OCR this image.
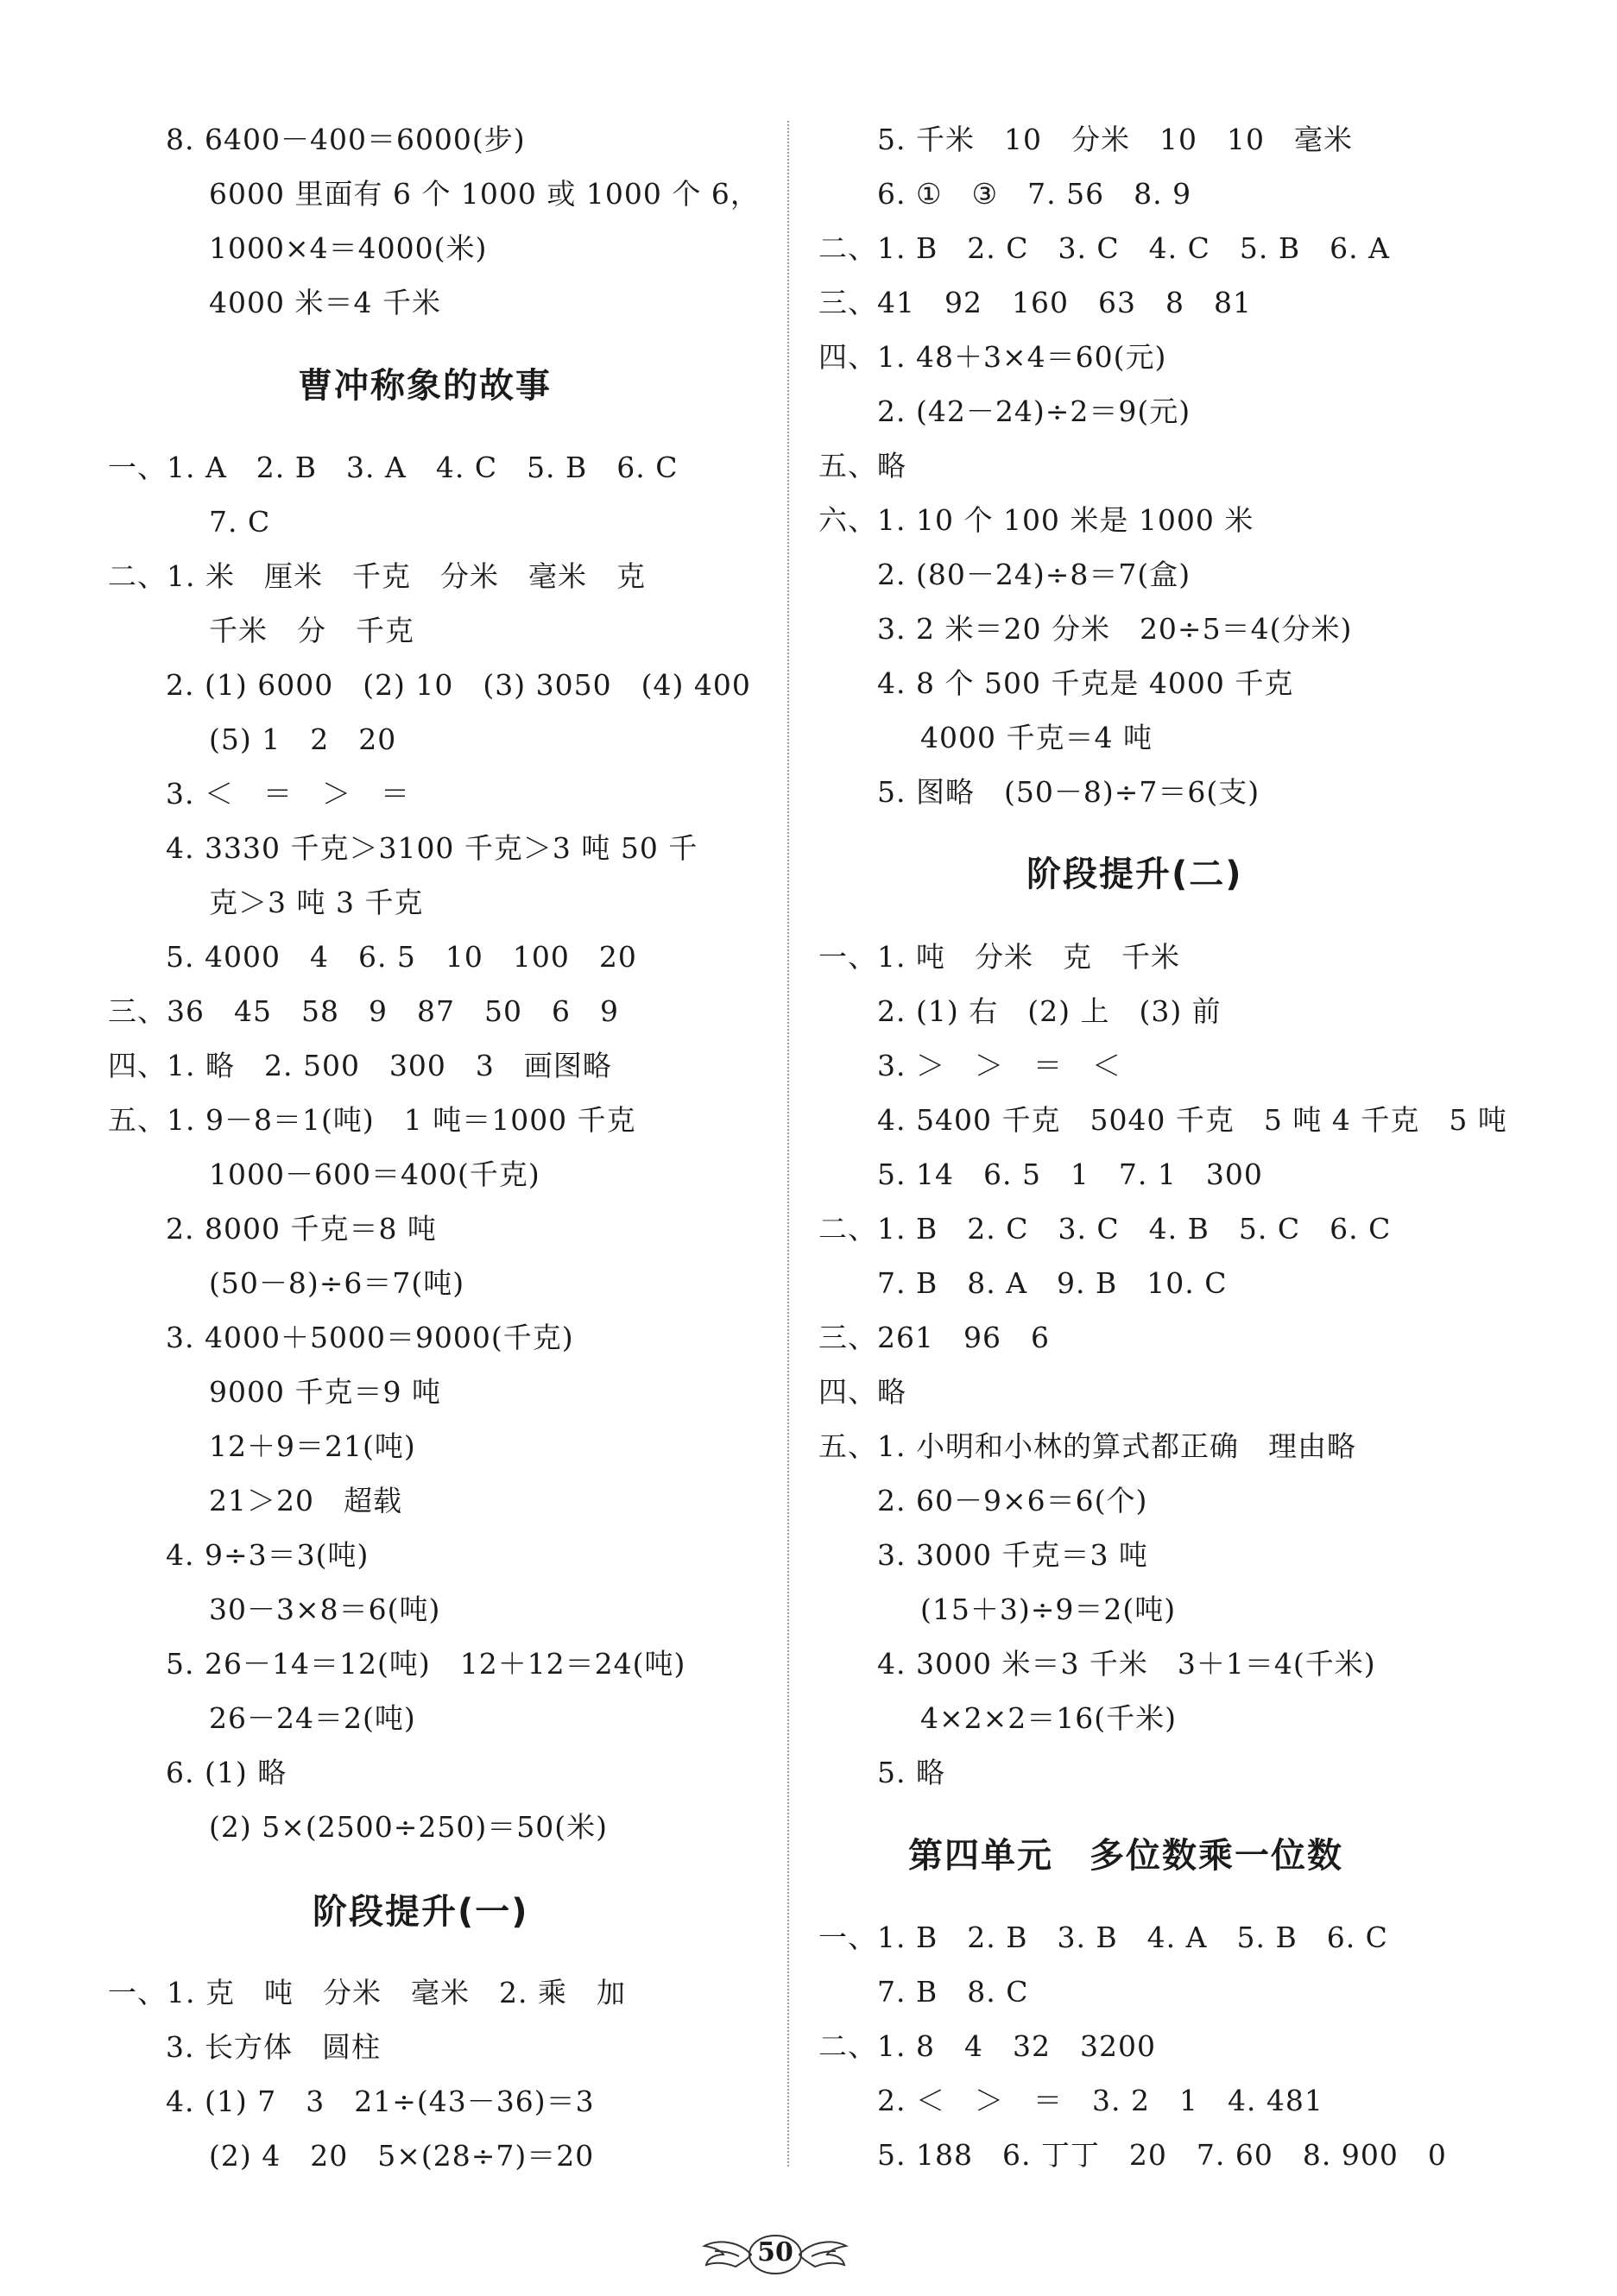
8. 6400－400＝6000(步)
6000 里面有 6 个 1000 或 1000 个 6，
1000×4＝4000(米)
4000 米＝4 千米
曹冲称象的故事
一、1. A　2. B　3. A　4. C　5. B　6. C
7. C
二、1. 米　厘米　千克　分米　毫米　克
千米　分　千克
2. (1) 6000　(2) 10　(3) 3050　(4) 400
(5) 1　2　20
3. ＜　＝　＞　＝
4. 3330 千克＞3100 千克＞3 吨 50 千
克＞3 吨 3 千克
5. 4000　4　6. 5　10　100　20
三、36　45　58　9　87　50　6　9
四、1. 略　2. 500　300　3　画图略
五、1. 9－8＝1(吨)　1 吨＝1000 千克
1000－600＝400(千克)
2. 8000 千克＝8 吨
(50－8)÷6＝7(吨)
3. 4000＋5000＝9000(千克)
9000 千克＝9 吨
12＋9＝21(吨)
21＞20　超载
4. 9÷3＝3(吨)
30－3×8＝6(吨)
5. 26－14＝12(吨)　12＋12＝24(吨)
26－24＝2(吨)
6. (1) 略
(2) 5×(2500÷250)＝50(米)
阶段提升(一)
一、1. 克　吨　分米　毫米　2. 乘　加
3. 长方体　圆柱
4. (1) 7　3　21÷(43－36)＝3
(2) 4　20　5×(28÷7)＝20
5. 千米　10　分米　10　10　毫米
6. ①　③　7. 56　8. 9
二、1. B　2. C　3. C　4. C　5. B　6. A
三、41　92　160　63　8　81
四、1. 48＋3×4＝60(元)
2. (42－24)÷2＝9(元)
五、略
六、1. 10 个 100 米是 1000 米
2. (80－24)÷8＝7(盒)
3. 2 米＝20 分米　20÷5＝4(分米)
4. 8 个 500 千克是 4000 千克
4000 千克＝4 吨
5. 图略　(50－8)÷7＝6(支)
阶段提升(二)
一、1. 吨　分米　克　千米
2. (1) 右　(2) 上　(3) 前
3. ＞　＞　＝　＜
4. 5400 千克　5040 千克　5 吨 4 千克　5 吨
5. 14　6. 5　1　7. 1　300
二、1. B　2. C　3. C　4. B　5. C　6. C
7. B　8. A　9. B　10. C
三、261　96　6
四、略
五、1. 小明和小林的算式都正确　理由略
2. 60－9×6＝6(个)
3. 3000 千克＝3 吨
(15＋3)÷9＝2(吨)
4. 3000 米＝3 千米　3＋1＝4(千米)
4×2×2＝16(千米)
5. 略
第四单元　多位数乘一位数
一、1. B　2. B　3. B　4. A　5. B　6. C
7. B　8. C
二、1. 8　4　32　3200
2. ＜　＞　＝　3. 2　1　4. 481
5. 188　6. 丁丁　20　7. 60　8. 900　0
50
